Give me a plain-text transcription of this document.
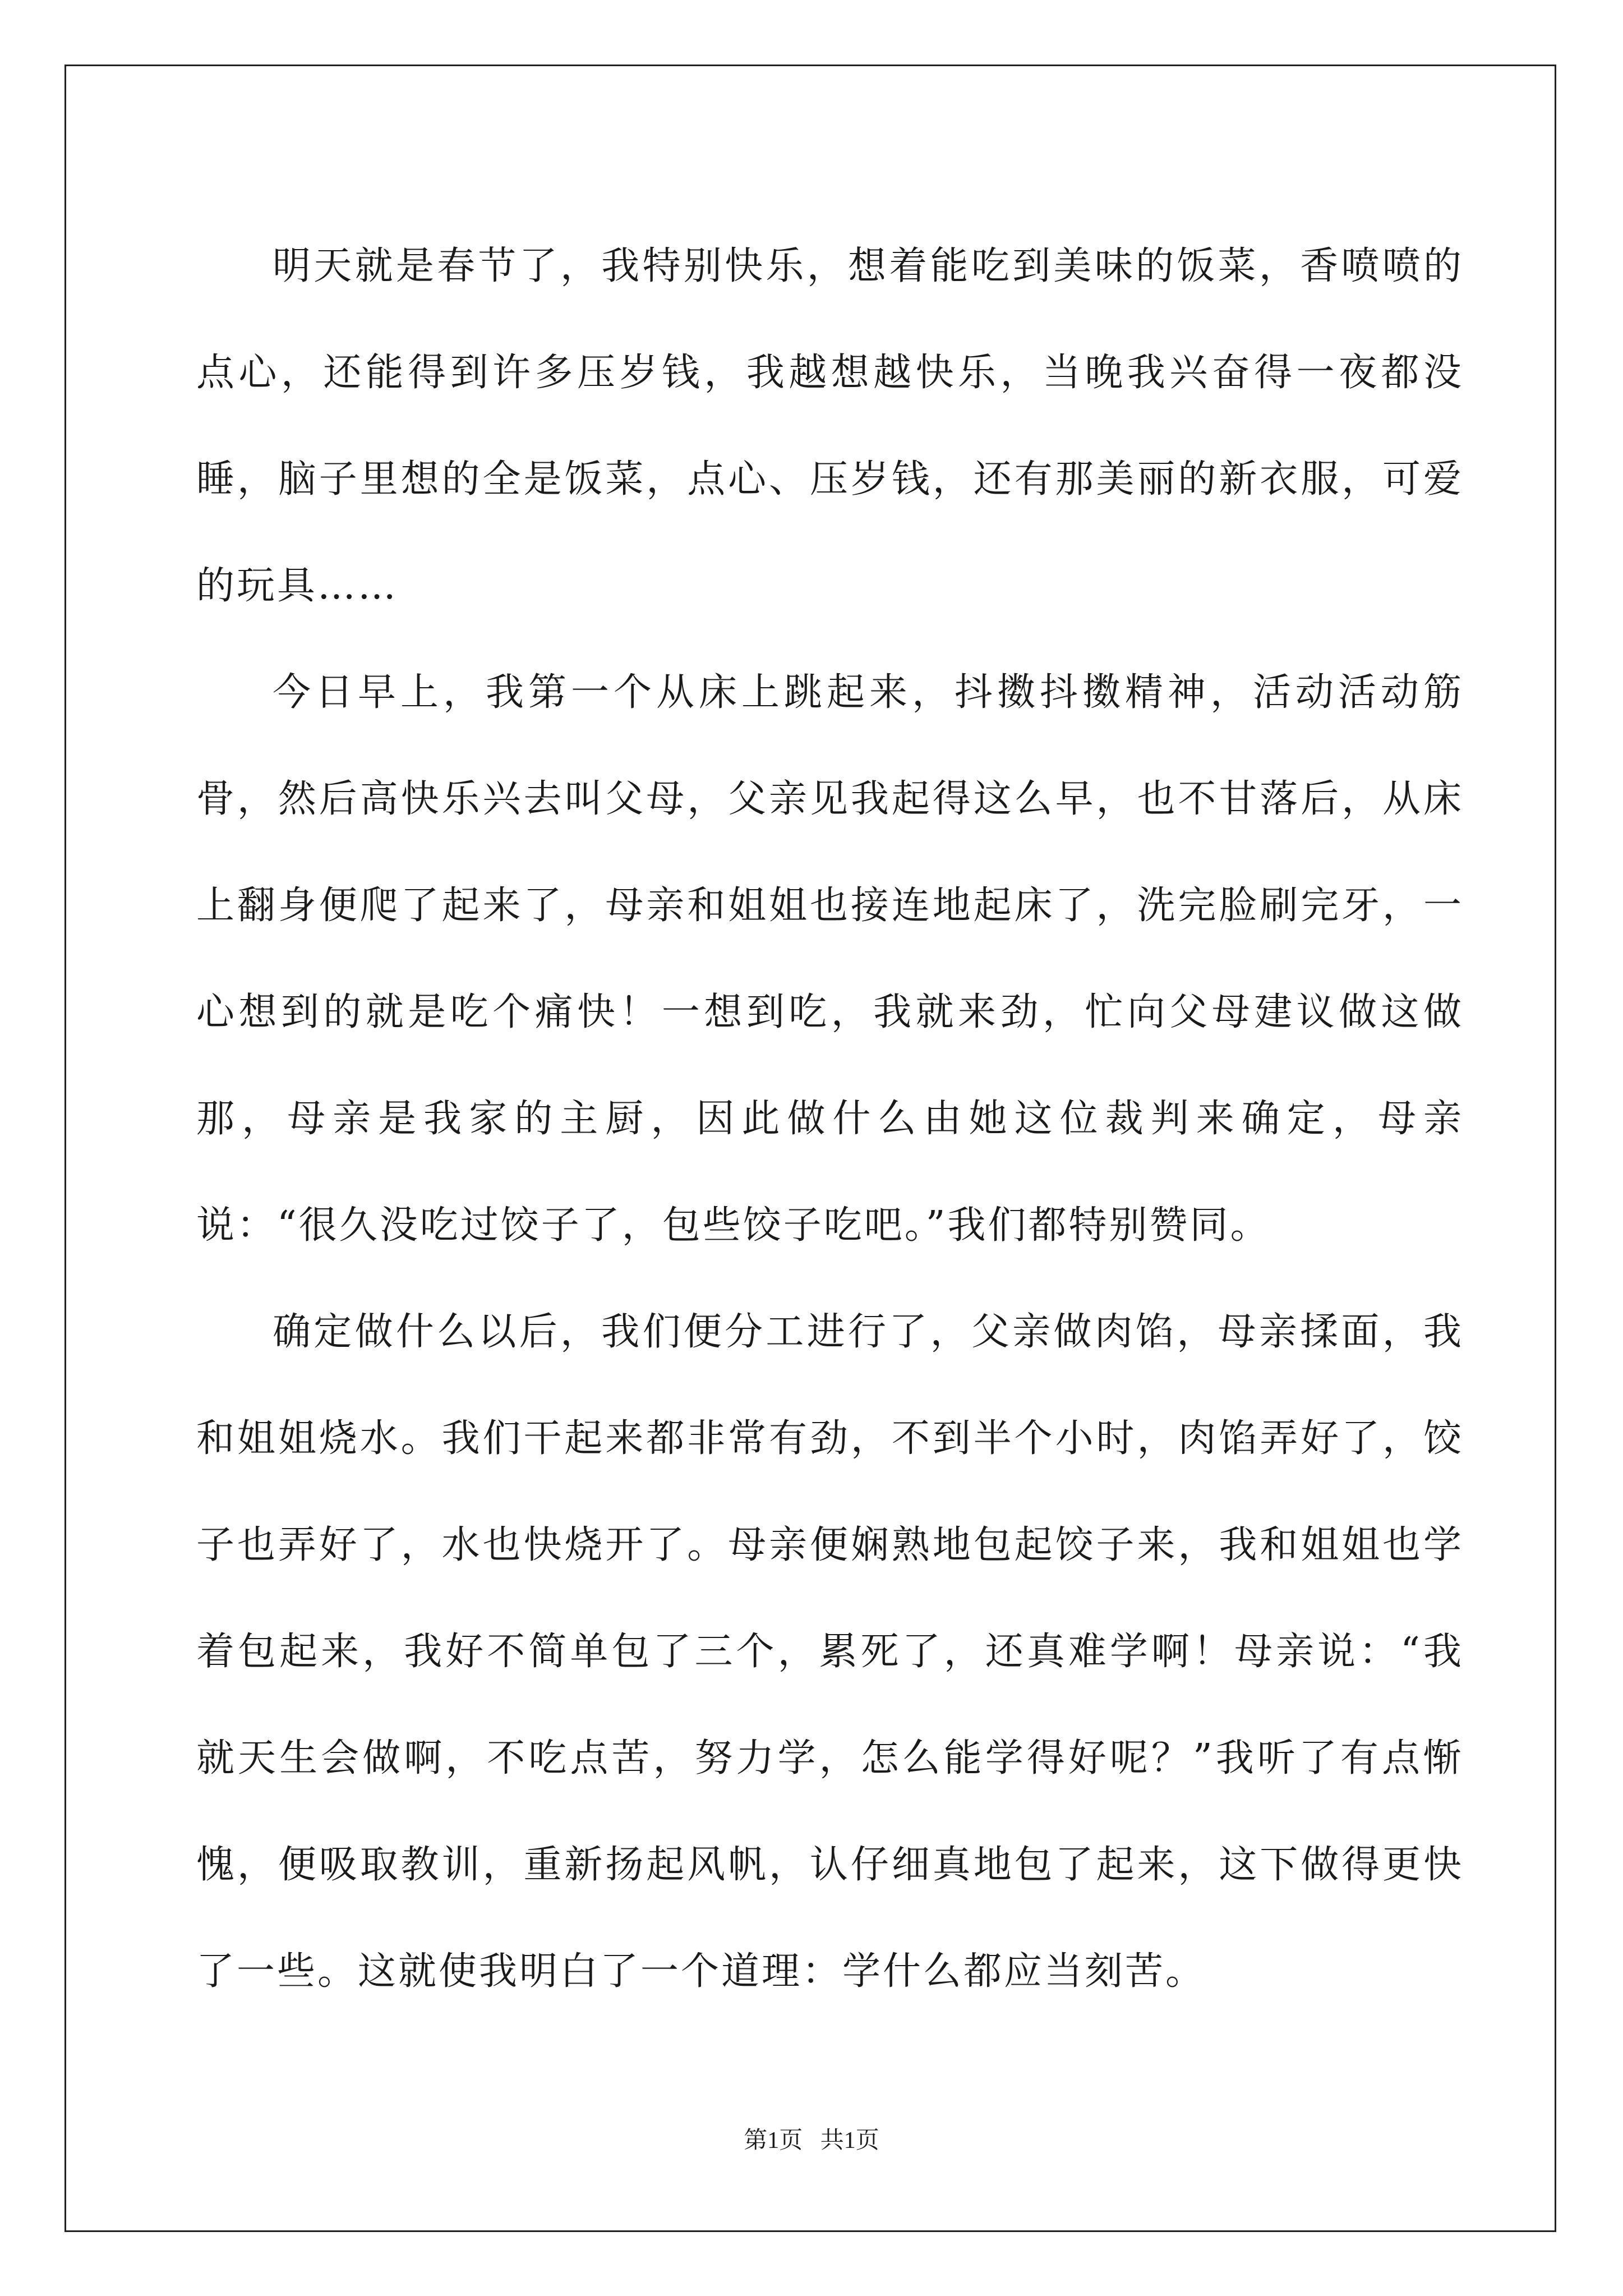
明天就是春节了，我特别快乐，想着能吃到美味的饭菜，香喷喷的点心，还能得到许多压岁钱，我越想越快乐，当晚我兴奋得一夜都没睡，脑子里想的全是饭菜，点心、压岁钱，还有那美丽的新衣服，可爱的玩具……

今日早上，我第一个从床上跳起来，抖擞抖擞精神，活动活动筋骨，然后高快乐兴去叫父母，父亲见我起得这么早，也不甘落后，从床上翻身便爬了起来了，母亲和姐姐也接连地起床了，洗完脸刷完牙，一心想到的就是吃个痛快！一想到吃，我就来劲，忙向父母建议做这做那，母亲是我家的主厨，因此做什么由她这位裁判来确定，母亲说：“很久没吃过饺子了，包些饺子吃吧。”我们都特别赞同。

确定做什么以后，我们便分工进行了，父亲做肉馅，母亲揉面，我和姐姐烧水。我们干起来都非常有劲，不到半个小时，肉馅弄好了，饺子也弄好了，水也快烧开了。母亲便娴熟地包起饺子来，我和姐姐也学着包起来，我好不简单包了三个，累死了，还真难学啊！母亲说：“我就天生会做啊，不吃点苦，努力学，怎么能学得好呢？”我听了有点惭愧，便吸取教训，重新扬起风帆，认仔细真地包了起来，这下做得更快了一些。这就使我明白了一个道理：学什么都应当刻苦。

第1页   共1页
